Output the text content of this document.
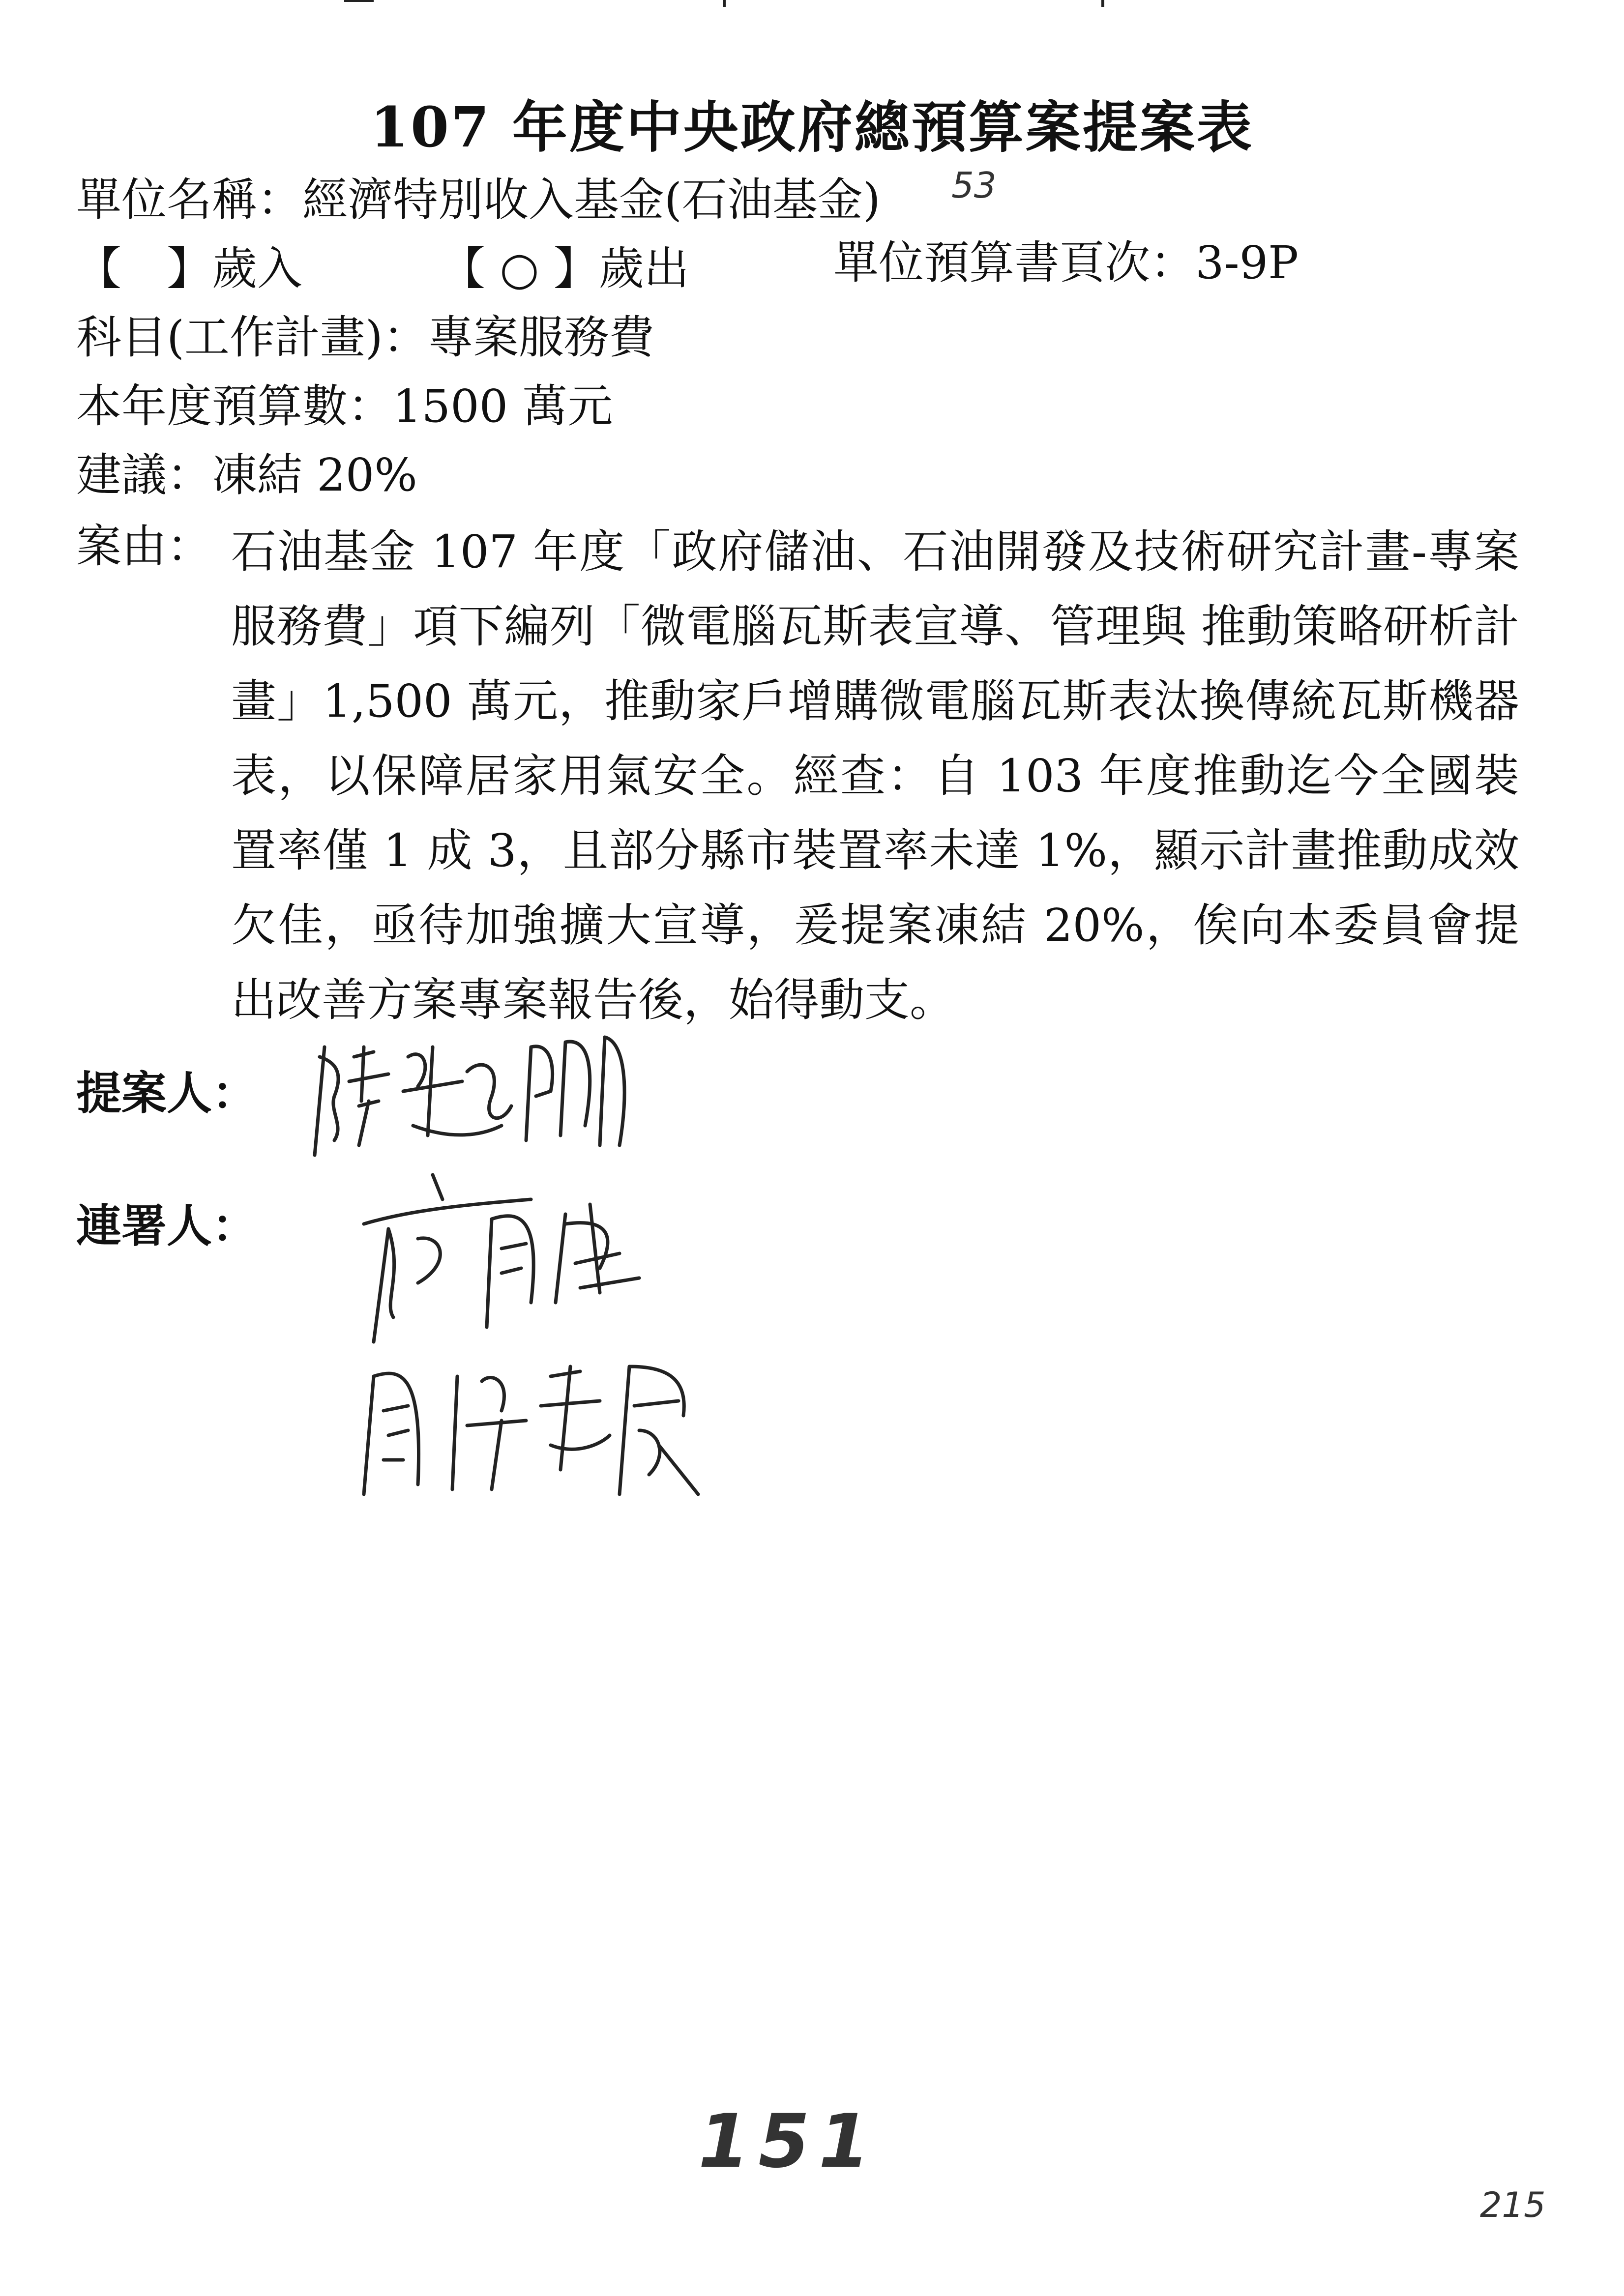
107 年度中央政府總預算案提案表
單位名稱：經濟特別收入基金(石油基金) 53
【　】歲入	【 ○ 】歲出	單位預算書頁次：3-9P
科目(工作計畫)：專案服務費
本年度預算數：1500 萬元
建議：凍結 20%
案由： 石油基金 107 年度「政府儲油、石油開發及技術研究計畫-專案服務費」項下編列「微電腦瓦斯表宣導、管理與 推動策略研析計畫」1,500 萬元，推動家戶增購微電腦瓦斯表汰換傳統瓦斯機器表，以保障居家用氣安全。經查：自 103 年度推動迄今全國裝置率僅 1 成 3，且部分縣市裝置率未達 1%，顯示計畫推動成效欠佳，亟待加強擴大宣導，爰提案凍結 20%，俟向本委員會提出改善方案專案報告後，始得動支。
提案人：
連署人：
151
215
